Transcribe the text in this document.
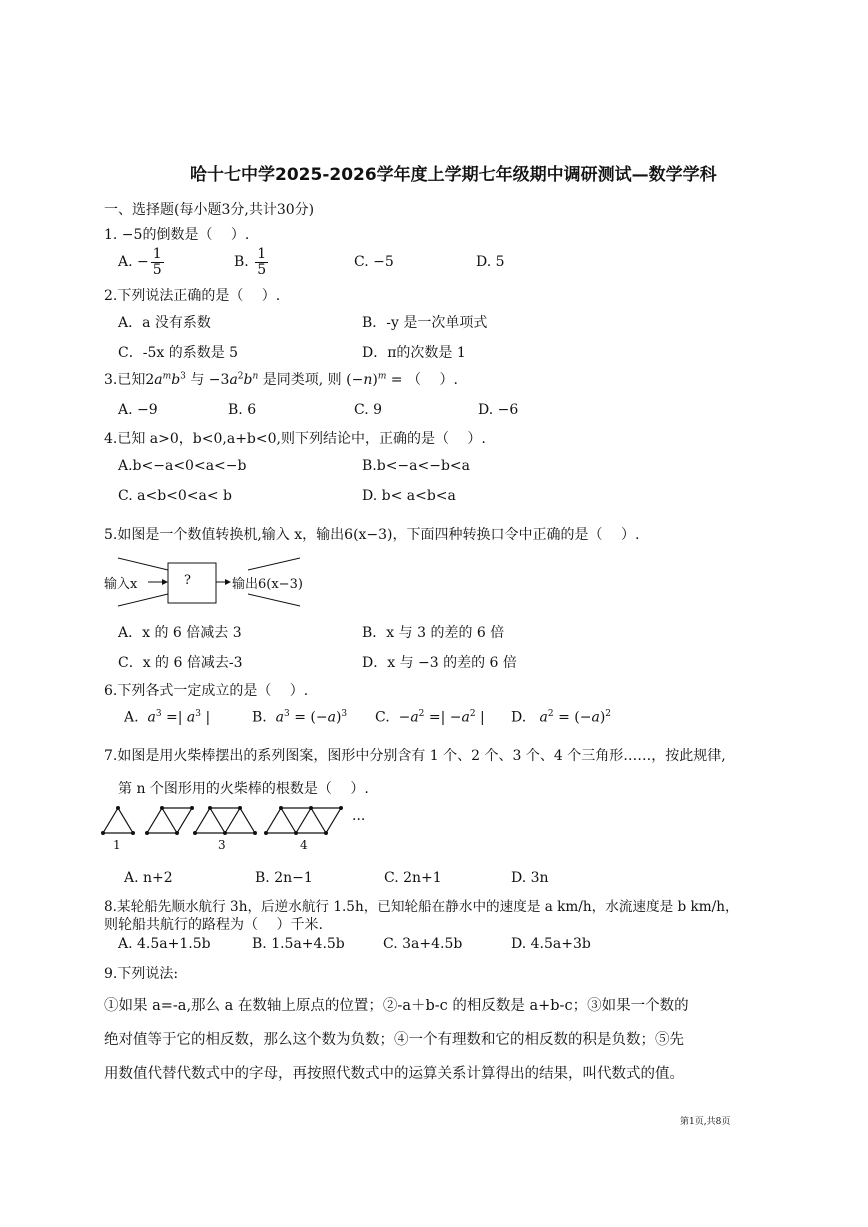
哈十七中学2025-2026学年度上学期七年级期中调研测试—数学学科
一、选择题(每小题3分,共计30分)
1. −5的倒数是（　 ）.
A.
− $\frac{1}{5}$	B.
$\frac{1}{5}$	C. −5	D. 5
2.下列说法正确的是（　 ）.
A．a 没有系数	B．-y 是一次单项式
C．-5x 的系数是 5	D．π的次数是 1
3.已知$2a^mb^3$ 与 $-3a^2b^n$ 是同类项, 则 $(-n)^m$ = （　 ）.
A. −9	B. 6	C. 9	D. −6
4.已知 a>0，b<0,a+b<0,则下列结论中，正确的是（　 ）.
A.b<−a<0<a<−b	B.b<−a<−b<a
C. a<b<0<a< b	D. b< a<b<a
5.如图是一个数值转换机,输入 x，输出6(x−3)，下面四种转换口令中正确的是（　 ）.
输入x	?	输出6(x−3)
A．x 的 6 倍减去 3	B．x 与 3 的差的 6 倍
C．x 的 6 倍减去-3	D．x 与 −3 的差的 6 倍
6.下列各式一定成立的是（　 ）.
A. $a^3$ =| $a^3$ |	B. $a^3 = (-a)^3$ C.  $-a^2$ =| $-a^2$ | D. $a^2 = (-a)^2$
7.如图是用火柴棒摆出的系列图案，图形中分别含有 1 个、2 个、3 个、4 个三角形……，按此规律,
第 n 个图形用的火柴棒的根数是（　 ）.
···
1	3	4
A. n+2	B. 2n−1	C. 2n+1	D. 3n
8.某轮船先顺水航行 3h，后逆水航行 1.5h，已知轮船在静水中的速度是 a km/h，水流速度是 b km/h，
则轮船共航行的路程为（　 ）千米.
A. 4.5a+1.5b	B. 1.5a+4.5b	C. 3a+4.5b	D. 4.5a+3b
9.下列说法:
①如果 a=-a,那么 a 在数轴上原点的位置；②-a＋b-c 的相反数是 a+b-c；③如果一个数的
绝对值等于它的相反数，那么这个数为负数；④一个有理数和它的相反数的积是负数；⑤先
用数值代替代数式中的字母，再按照代数式中的运算关系计算得出的结果，叫代数式的值。
第1页,共8页
